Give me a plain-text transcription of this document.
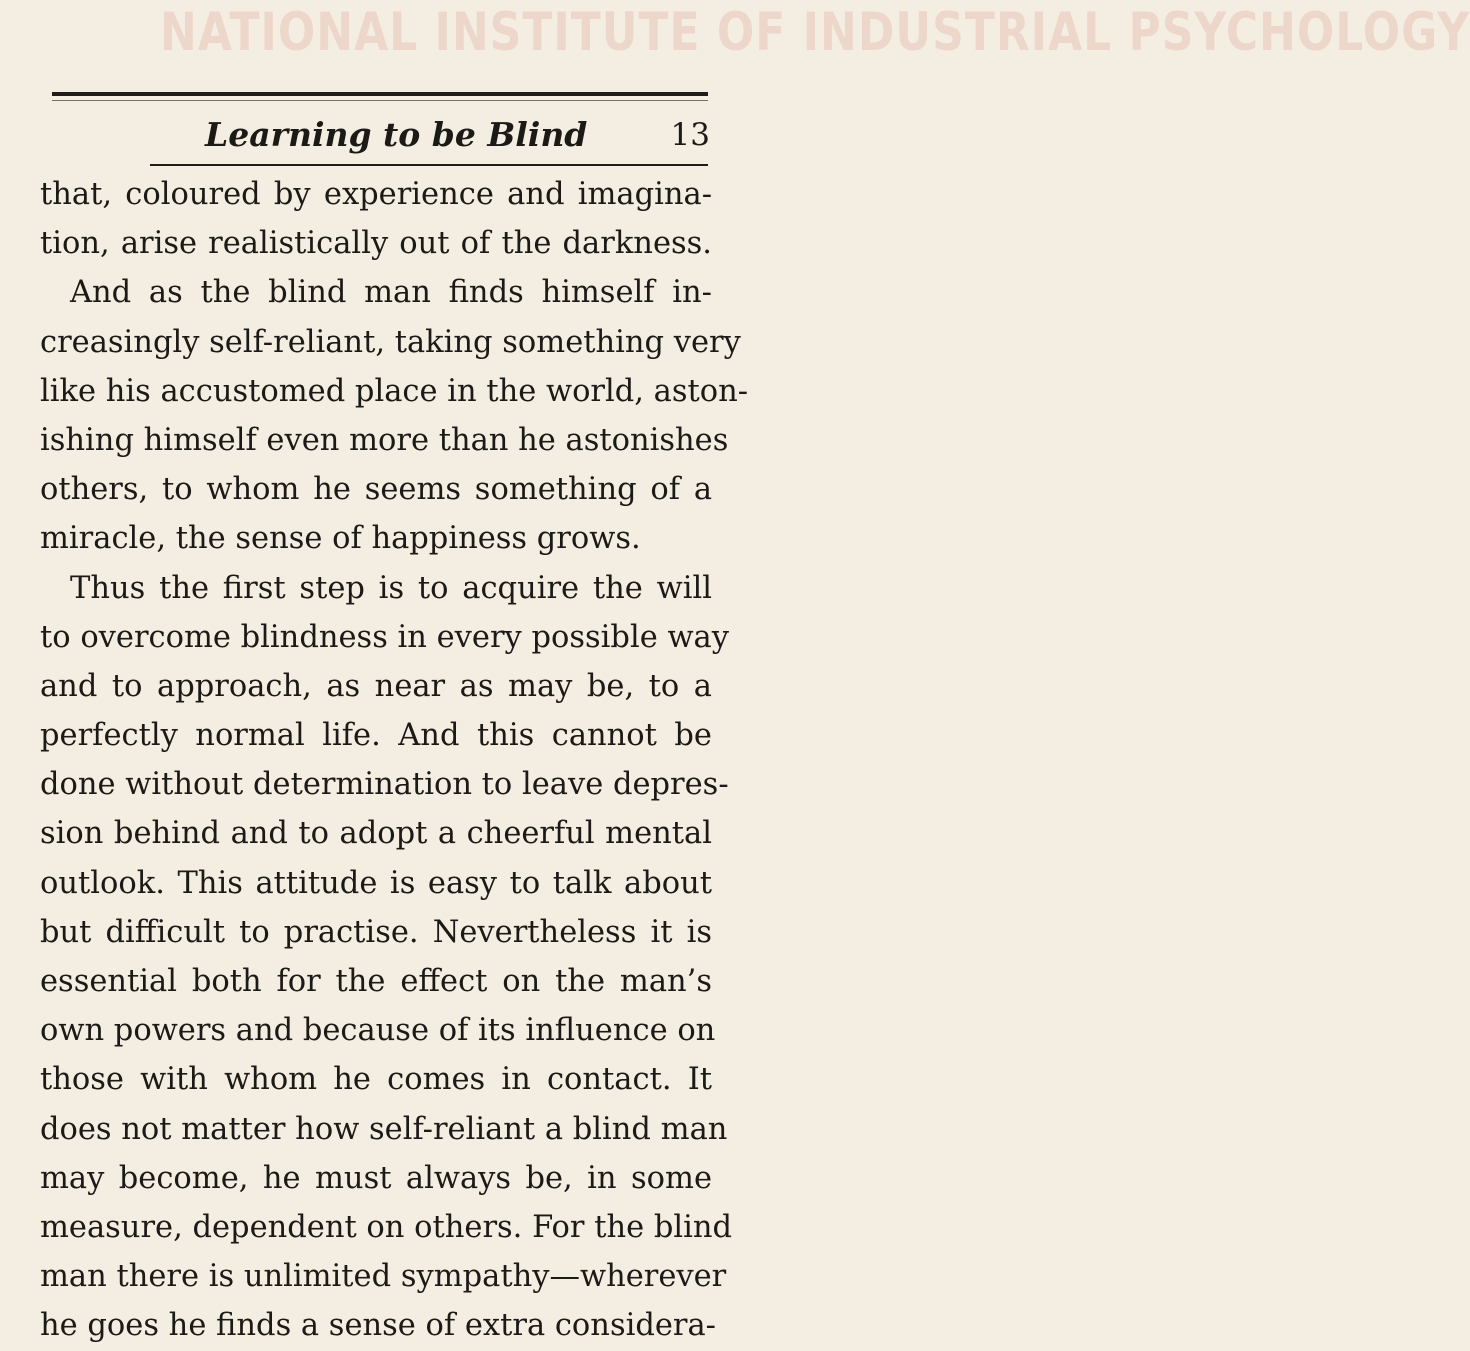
NATIONAL INSTITUTE OF INDUSTRIAL PSYCHOLOGY
Learning to be Blind	13
that, coloured by experience and imagina-
tion, arise realistically out of the darkness.
And as the blind man finds himself in-
creasingly self-reliant, taking something very
like his accustomed place in the world, aston-
ishing himself even more than he astonishes
others, to whom he seems something of a
miracle, the sense of happiness grows.
Thus the first step is to acquire the will
to overcome blindness in every possible way
and to approach, as near as may be, to a
perfectly normal life. And this cannot be
done without determination to leave depres-
sion behind and to adopt a cheerful mental
outlook. This attitude is easy to talk about
but difficult to practise. Nevertheless it is
essential both for the effect on the man’s
own powers and because of its influence on
those with whom he comes in contact. It
does not matter how self-reliant a blind man
may become, he must always be, in some
measure, dependent on others. For the blind
man there is unlimited sympathy—wherever
he goes he finds a sense of extra considera-
